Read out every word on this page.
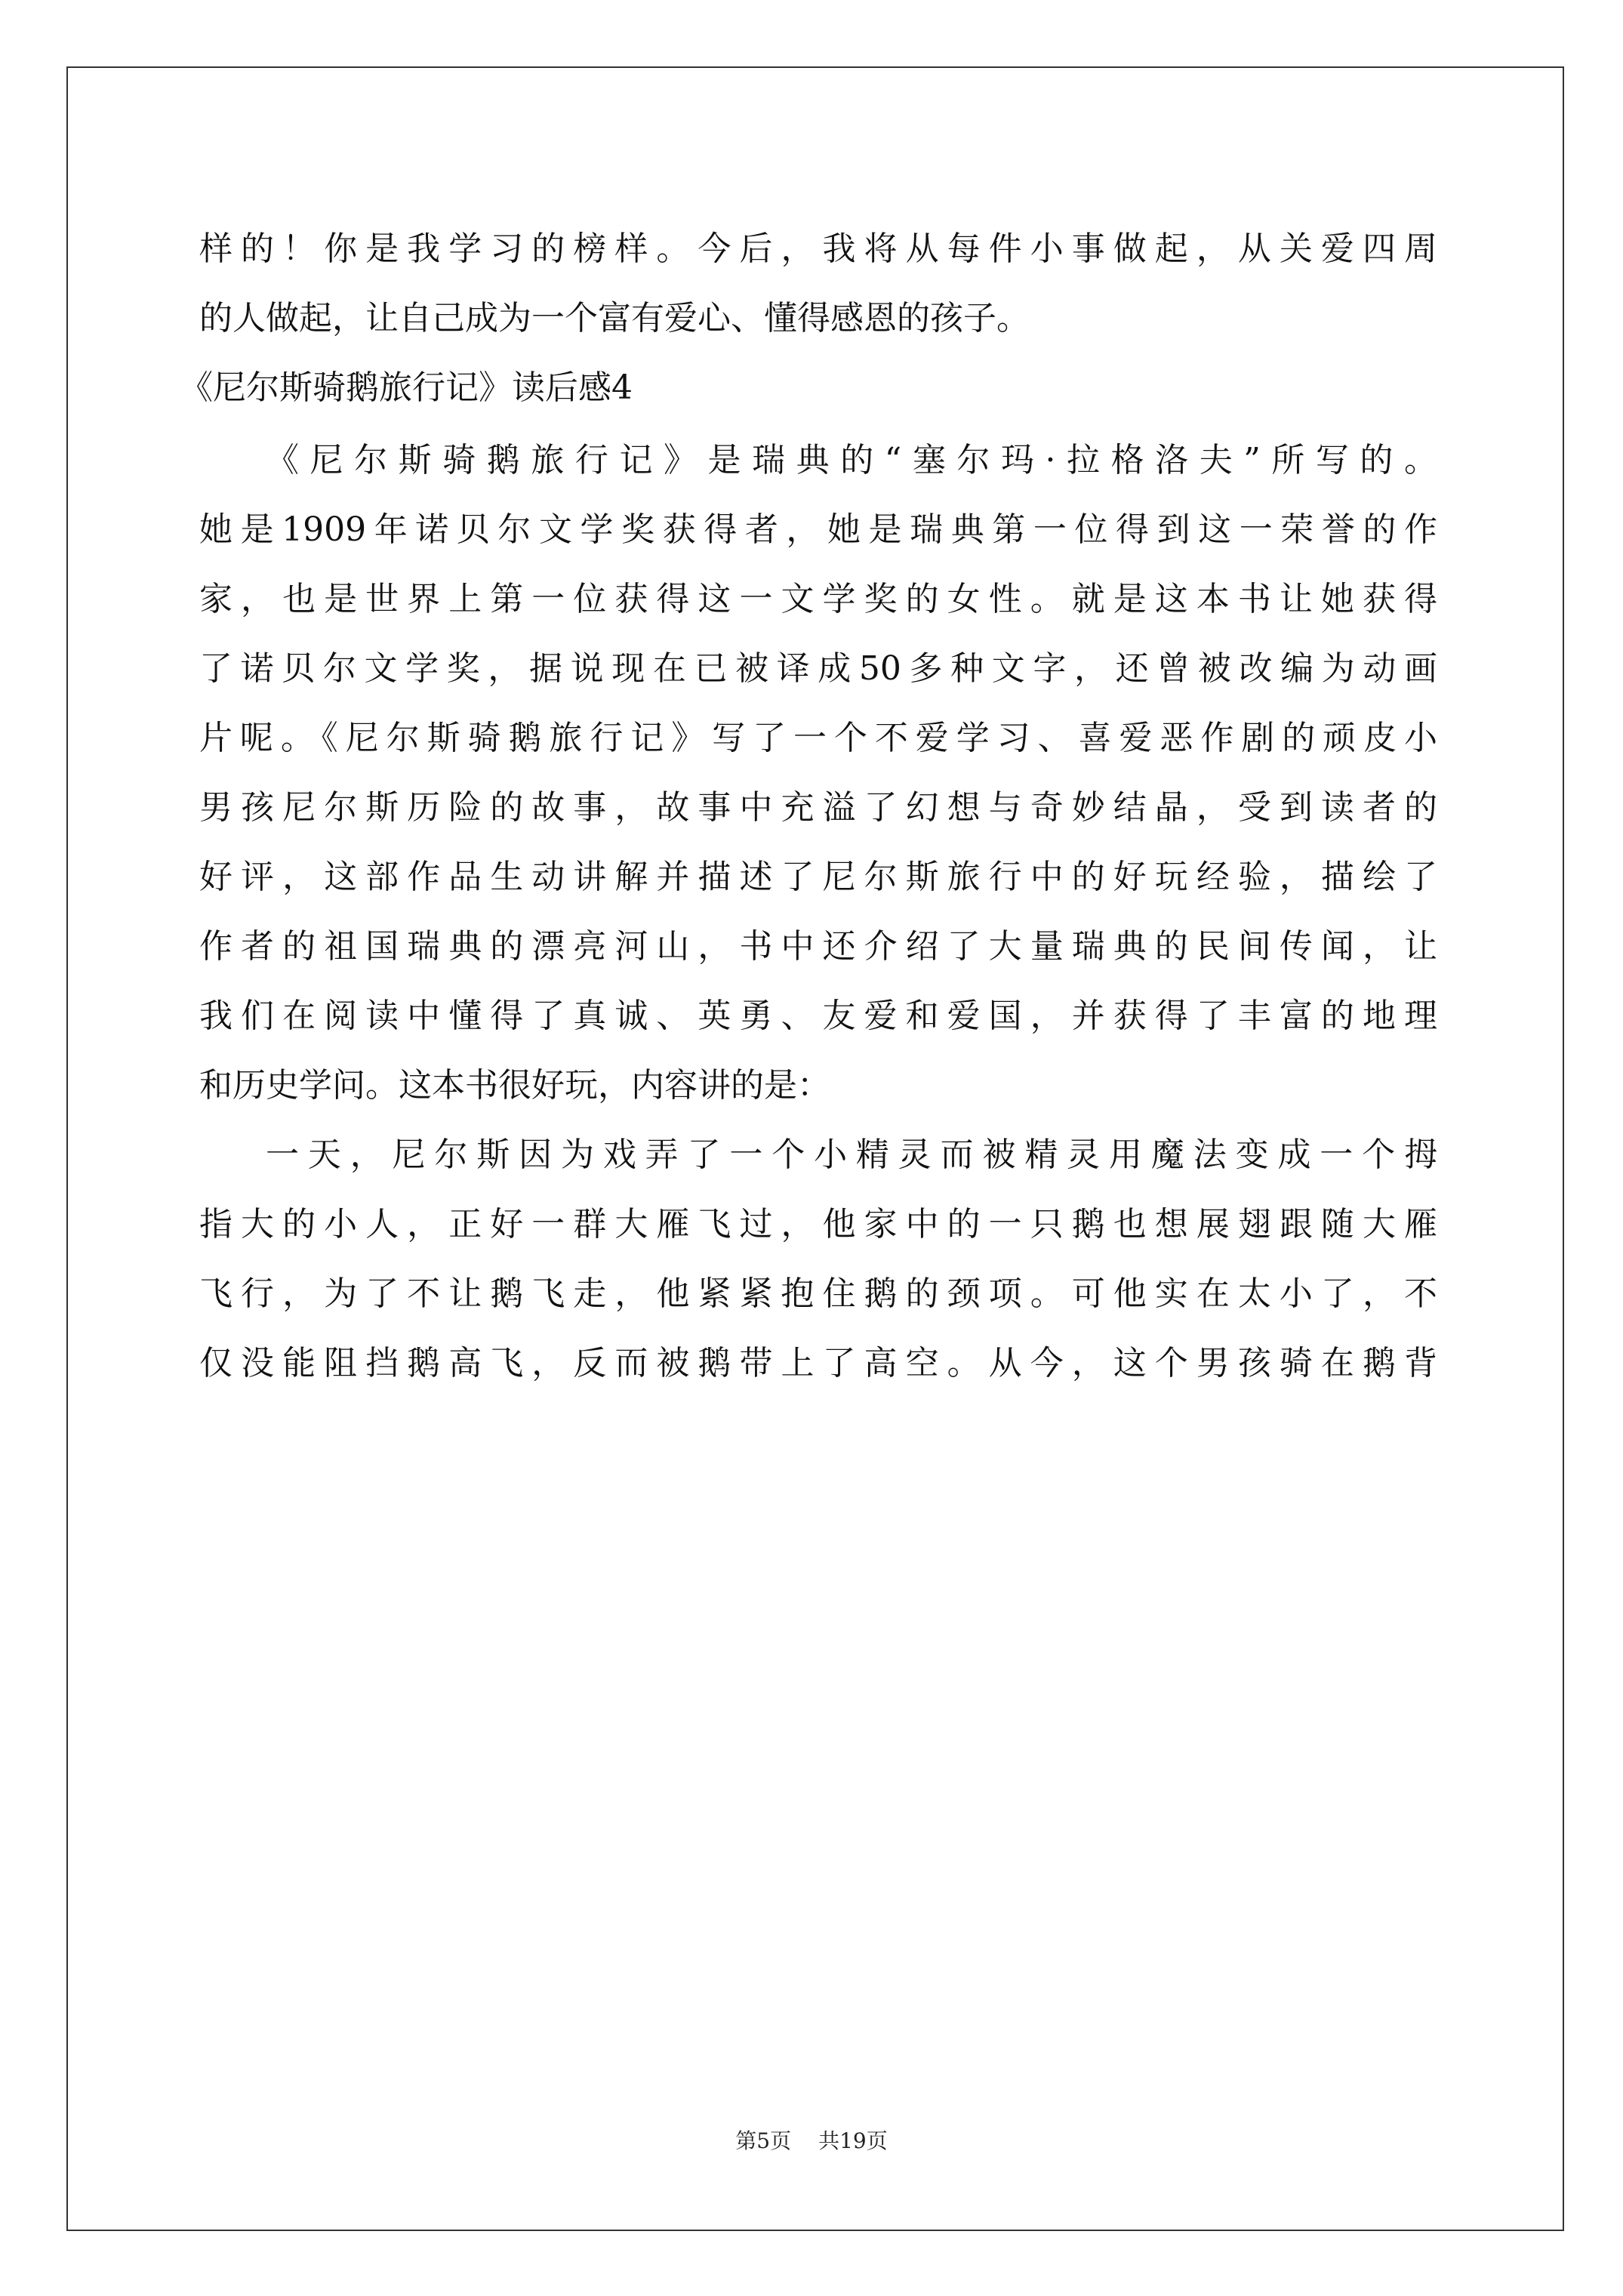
样的！你是我学习的榜样。今后，我将从每件小事做起，从关爱四周
的人做起，让自己成为一个富有爱心、懂得感恩的孩子。
《尼尔斯骑鹅旅行记》读后感4
《尼尔斯骑鹅旅行记》是瑞典的“塞尔玛·拉格洛夫”所写的。
她是1909年诺贝尔文学奖获得者，她是瑞典第一位得到这一荣誉的作
家，也是世界上第一位获得这一文学奖的女性。就是这本书让她获得
了诺贝尔文学奖，据说现在已被译成50多种文字，还曾被改编为动画
片呢。《尼尔斯骑鹅旅行记》写了一个不爱学习、喜爱恶作剧的顽皮小
男孩尼尔斯历险的故事，故事中充溢了幻想与奇妙结晶，受到读者的
好评，这部作品生动讲解并描述了尼尔斯旅行中的好玩经验，描绘了
作者的祖国瑞典的漂亮河山，书中还介绍了大量瑞典的民间传闻，让
我们在阅读中懂得了真诚、英勇、友爱和爱国，并获得了丰富的地理
和历史学问。这本书很好玩，内容讲的是：
一天，尼尔斯因为戏弄了一个小精灵而被精灵用魔法变成一个拇
指大的小人，正好一群大雁飞过，他家中的一只鹅也想展翅跟随大雁
飞行，为了不让鹅飞走，他紧紧抱住鹅的颈项。可他实在太小了，不
仅没能阻挡鹅高飞，反而被鹅带上了高空。从今，这个男孩骑在鹅背
第5页 共19页
